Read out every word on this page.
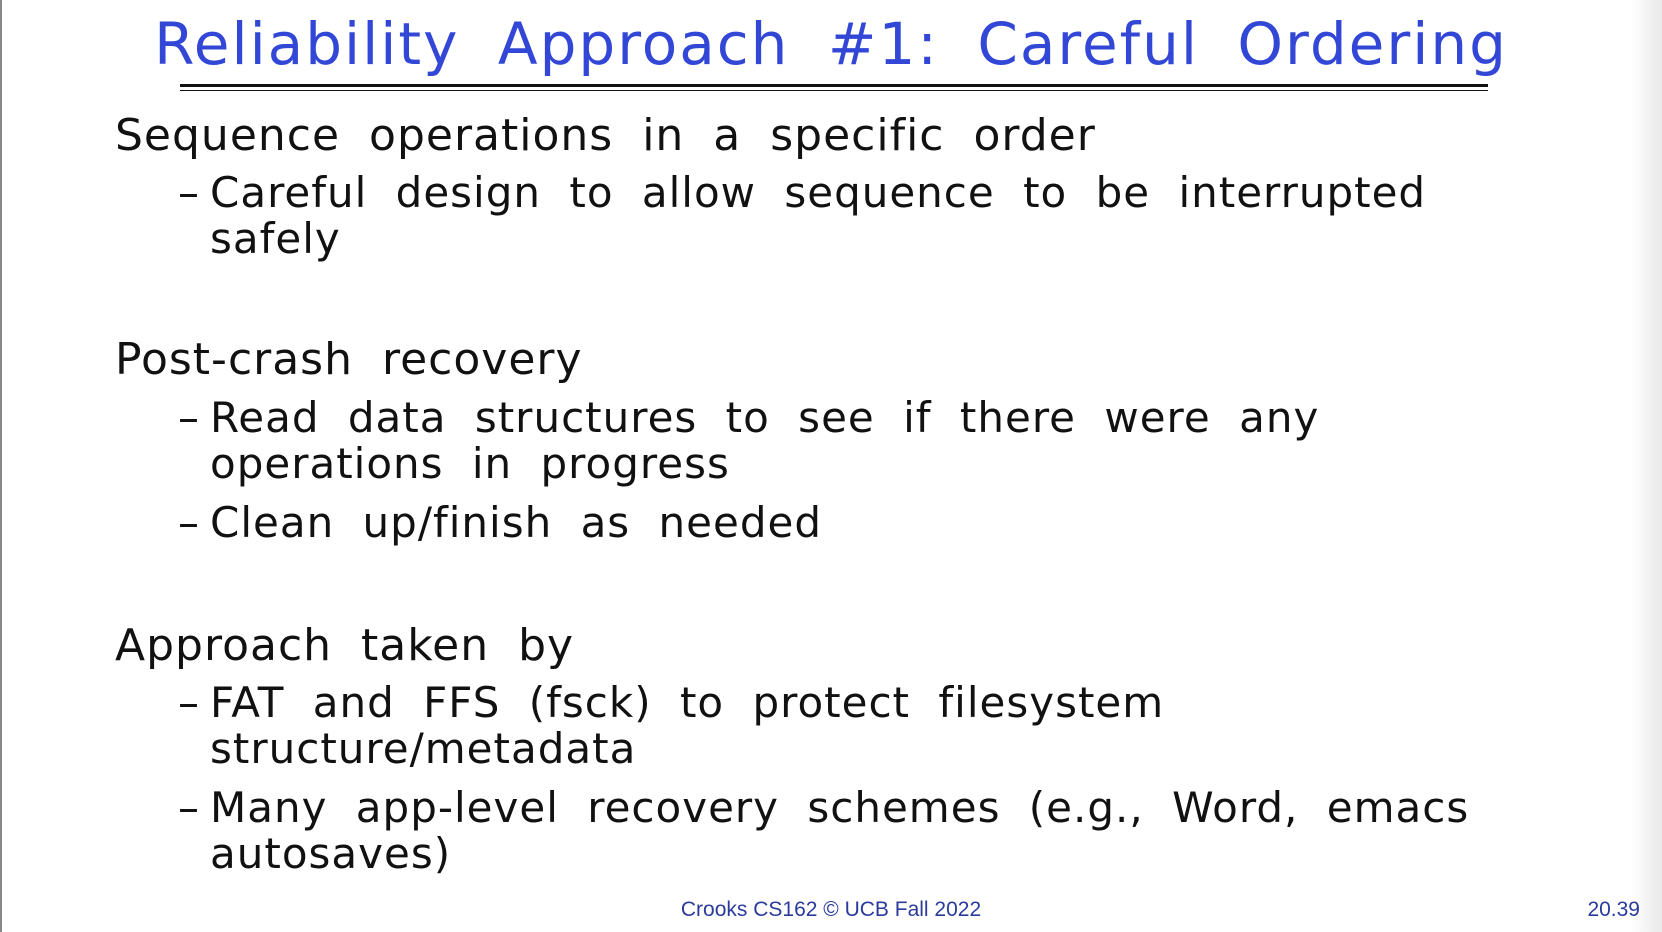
Reliability Approach #1: Careful Ordering
Sequence operations in a specific order
– Careful design to allow sequence to be interrupted safely
Post-crash recovery
– Read data structures to see if there were any operations in progress
– Clean up/finish as needed
Approach taken by
– FAT and FFS (fsck) to protect filesystem structure/metadata
– Many app-level recovery schemes (e.g., Word, emacs autosaves)
Crooks CS162 © UCB Fall 2022	20.39
